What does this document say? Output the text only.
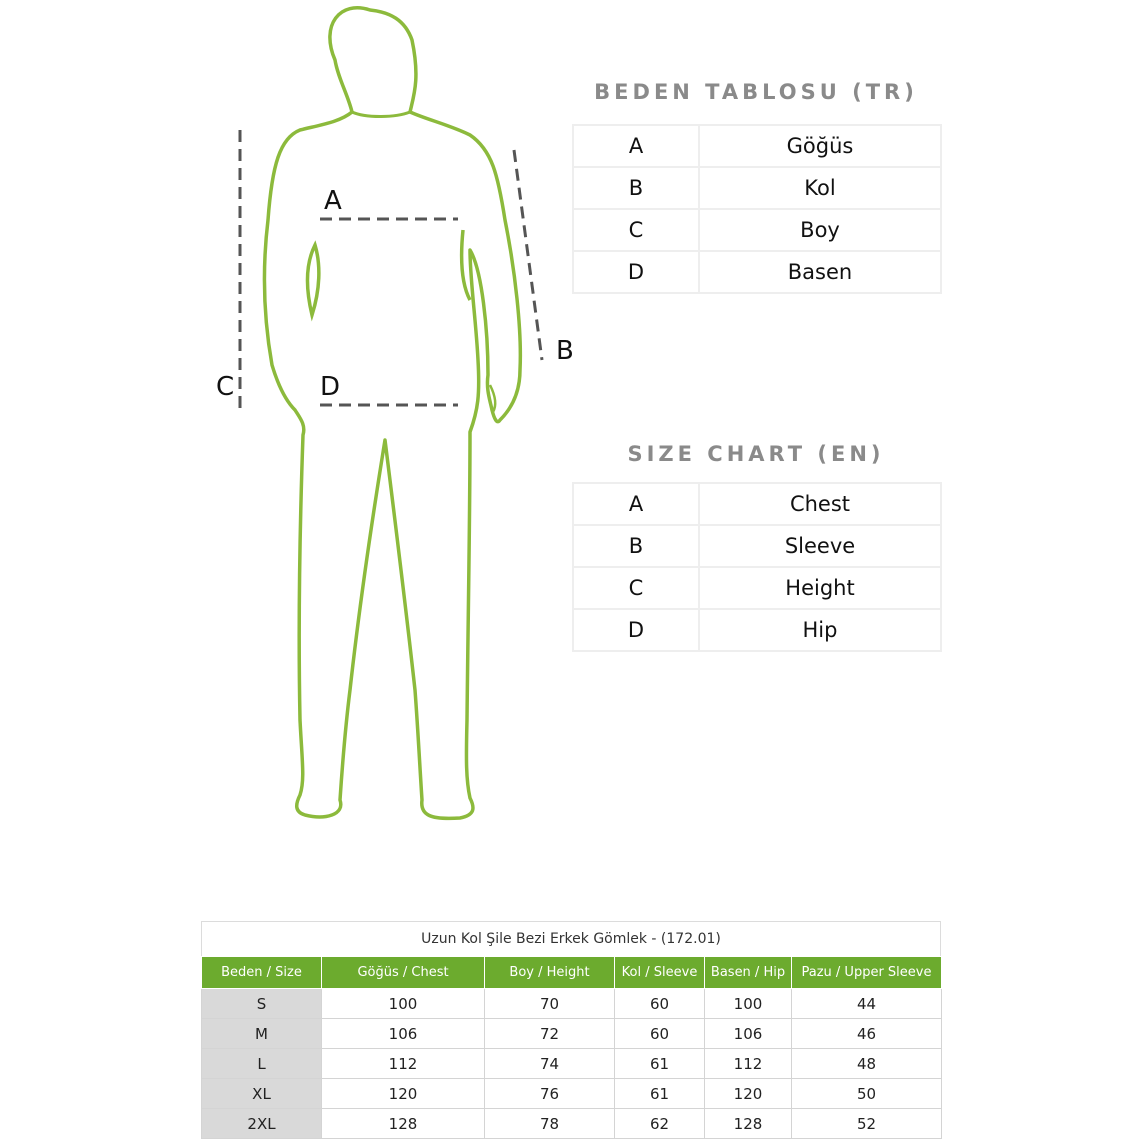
A
B
C	D
BEDEN TABLOSU (TR)
A	Göğüs
B	Kol
C	Boy
D	Basen
SIZE CHART (EN)
A	Chest
B	Sleeve
C	Height
D	Hip
Uzun Kol Şile Bezi Erkek Gömlek - (172.01)
Beden / Size	Göğüs / Chest	Boy / Height	Kol / Sleeve	Basen / Hip	Pazu / Upper Sleeve
S	100	70	60	100	44
M	106	72	60	106	46
L	112	74	61	112	48
XL	120	76	61	120	50
2XL	128	78	62	128	52
